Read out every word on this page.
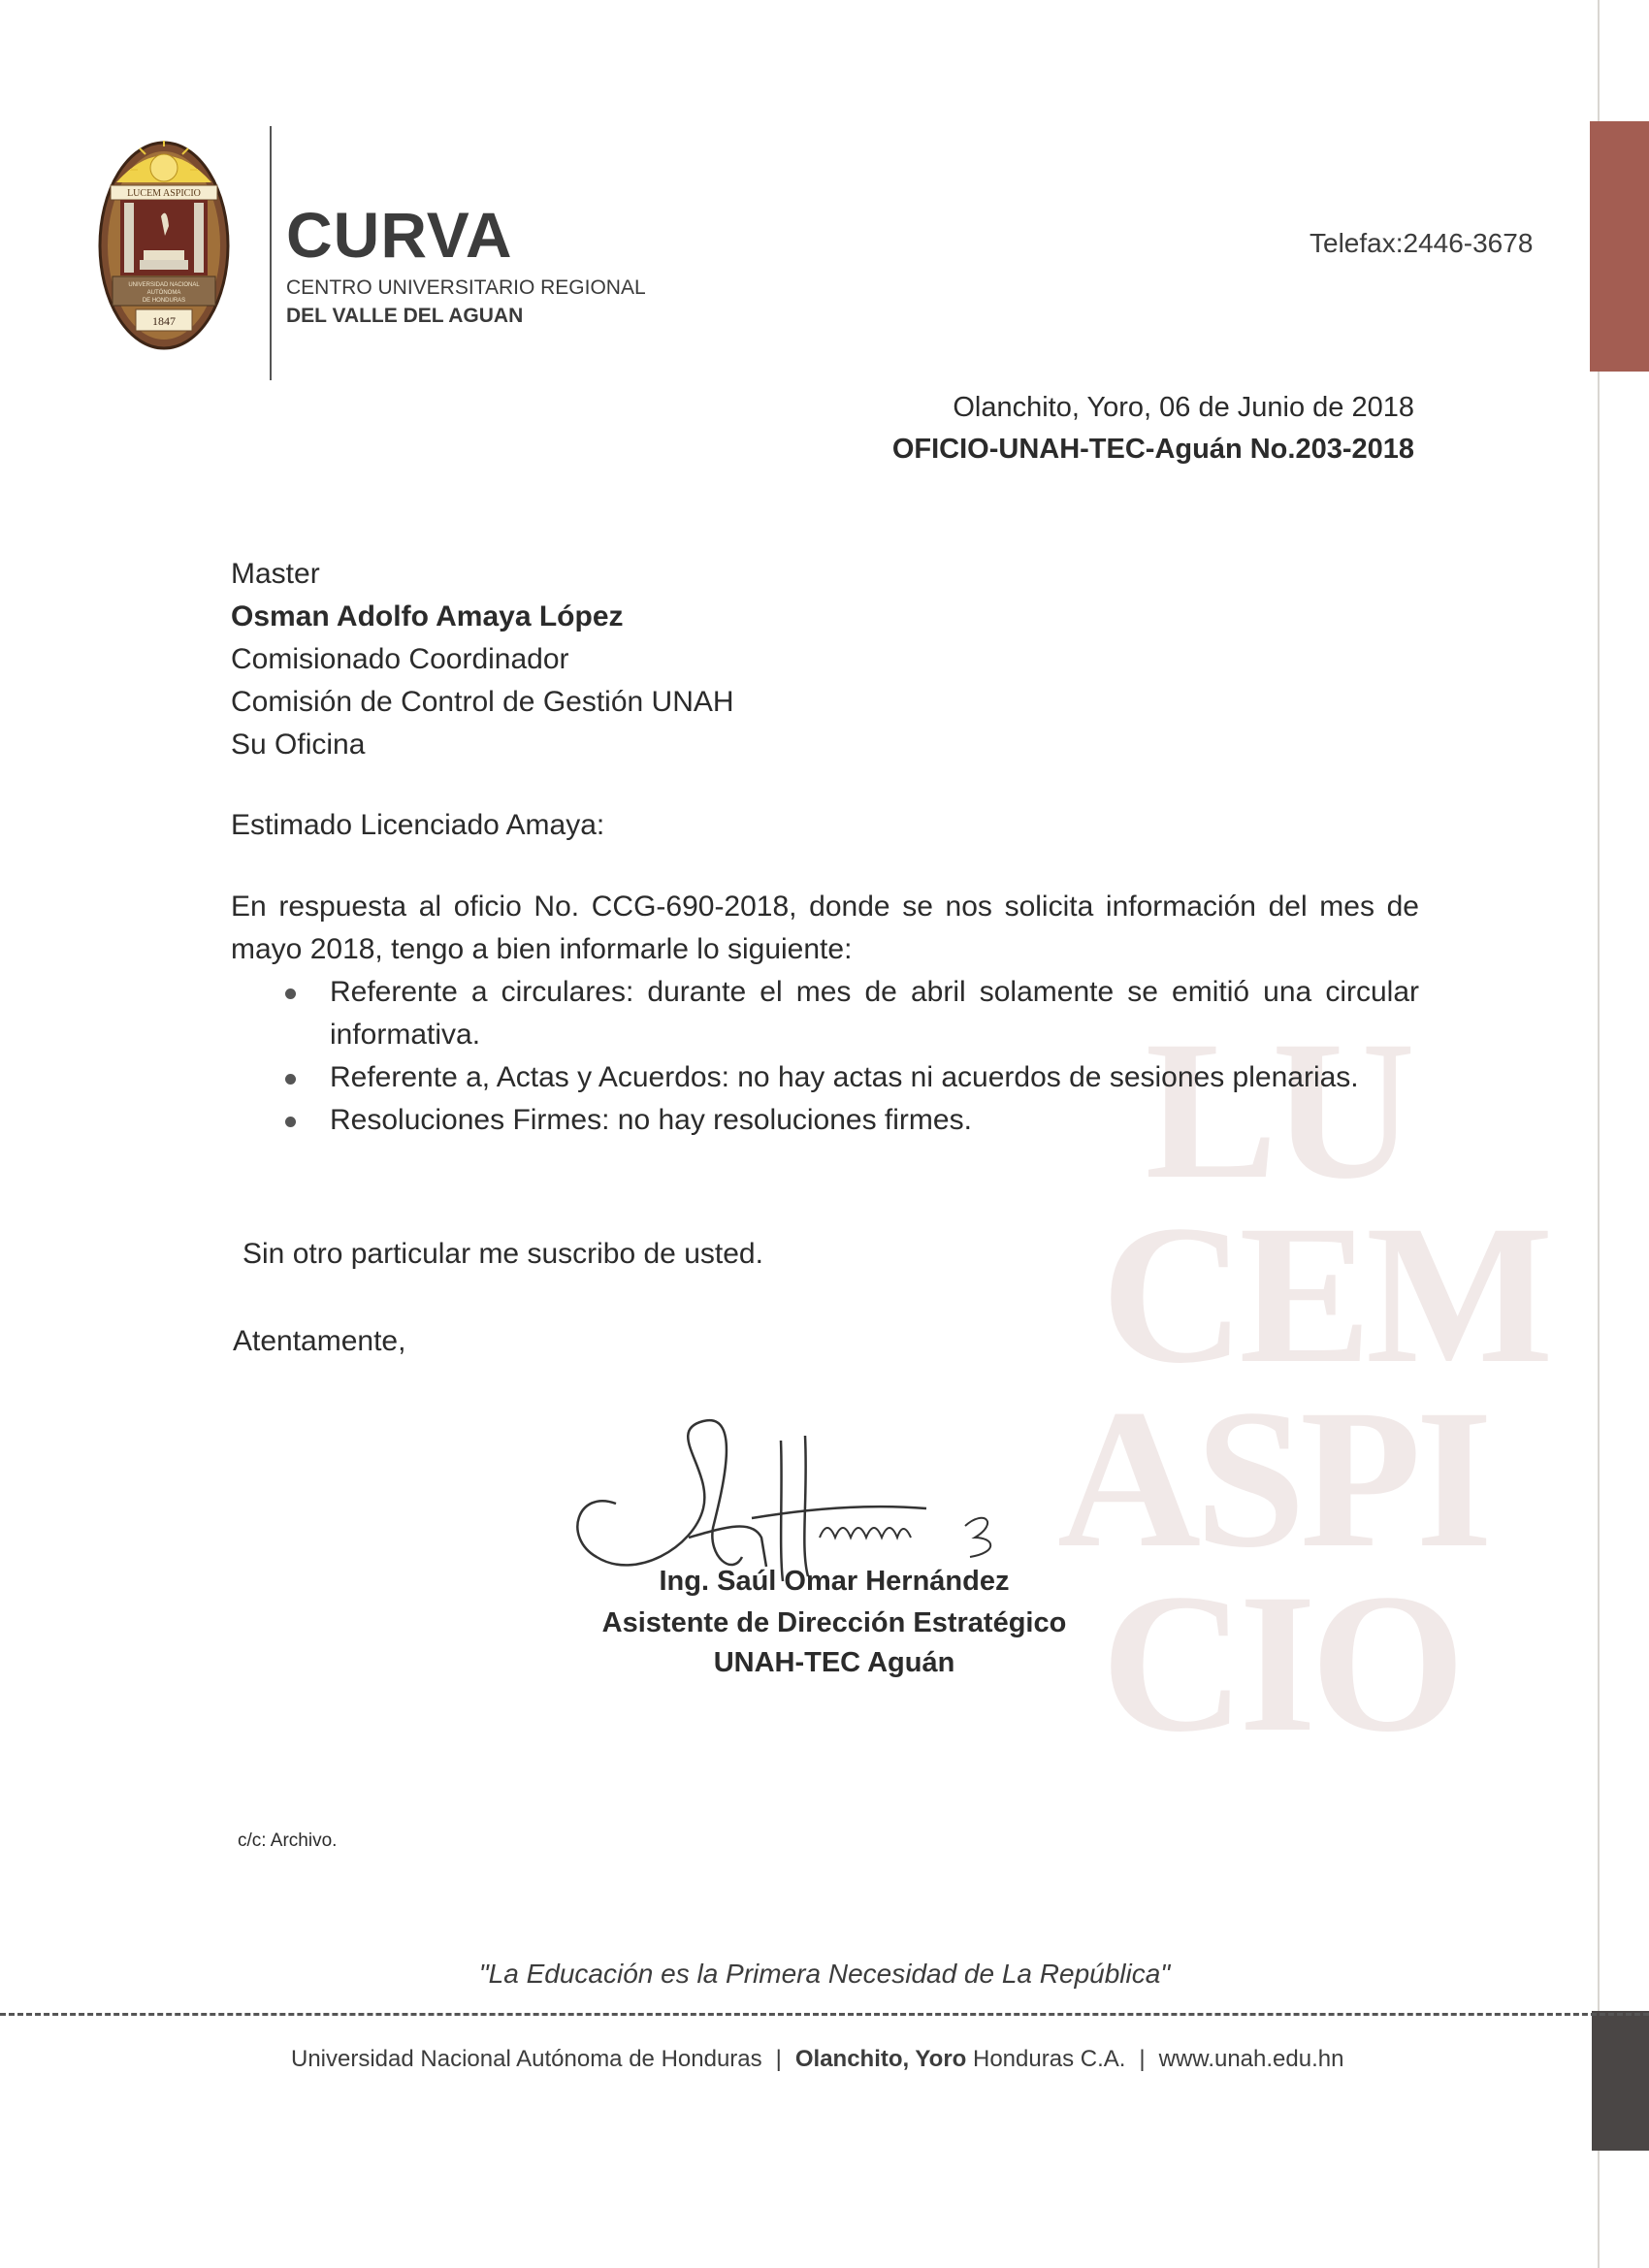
LU
CEM
ASPI
CIO
LUCEM ASPICIO
UNIVERSIDAD NACIONAL
AUTÓNOMA
DE HONDURAS
1847
CURVA
CENTRO UNIVERSITARIO REGIONAL
DEL VALLE DEL AGUAN
Telefax:2446-3678
Olanchito, Yoro, 06 de Junio de 2018
OFICIO-UNAH-TEC-Aguán No.203-2018
Master
Osman Adolfo Amaya López
Comisionado Coordinador
Comisión de Control de Gestión UNAH
Su Oficina
Estimado Licenciado Amaya:

En respuesta al oficio No. CCG-690-2018, donde se nos solicita información del mes de mayo 2018, tengo a bien informarle lo siguiente:

Referente a circulares: durante el mes de abril solamente se emitió una circular informativa.
Referente a, Actas y Acuerdos: no hay actas ni acuerdos de sesiones plenarias.
Resoluciones Firmes: no hay resoluciones firmes.
Sin otro particular me suscribo de usted.
Atentamente,
Ing. Saúl Omar Hernández
Asistente de Dirección Estratégico
UNAH-TEC Aguán
c/c: Archivo.
"La Educación es la Primera Necesidad de La República"
Universidad Nacional Autónoma de Honduras | Olanchito, Yoro Honduras C.A. | www.unah.edu.hn
